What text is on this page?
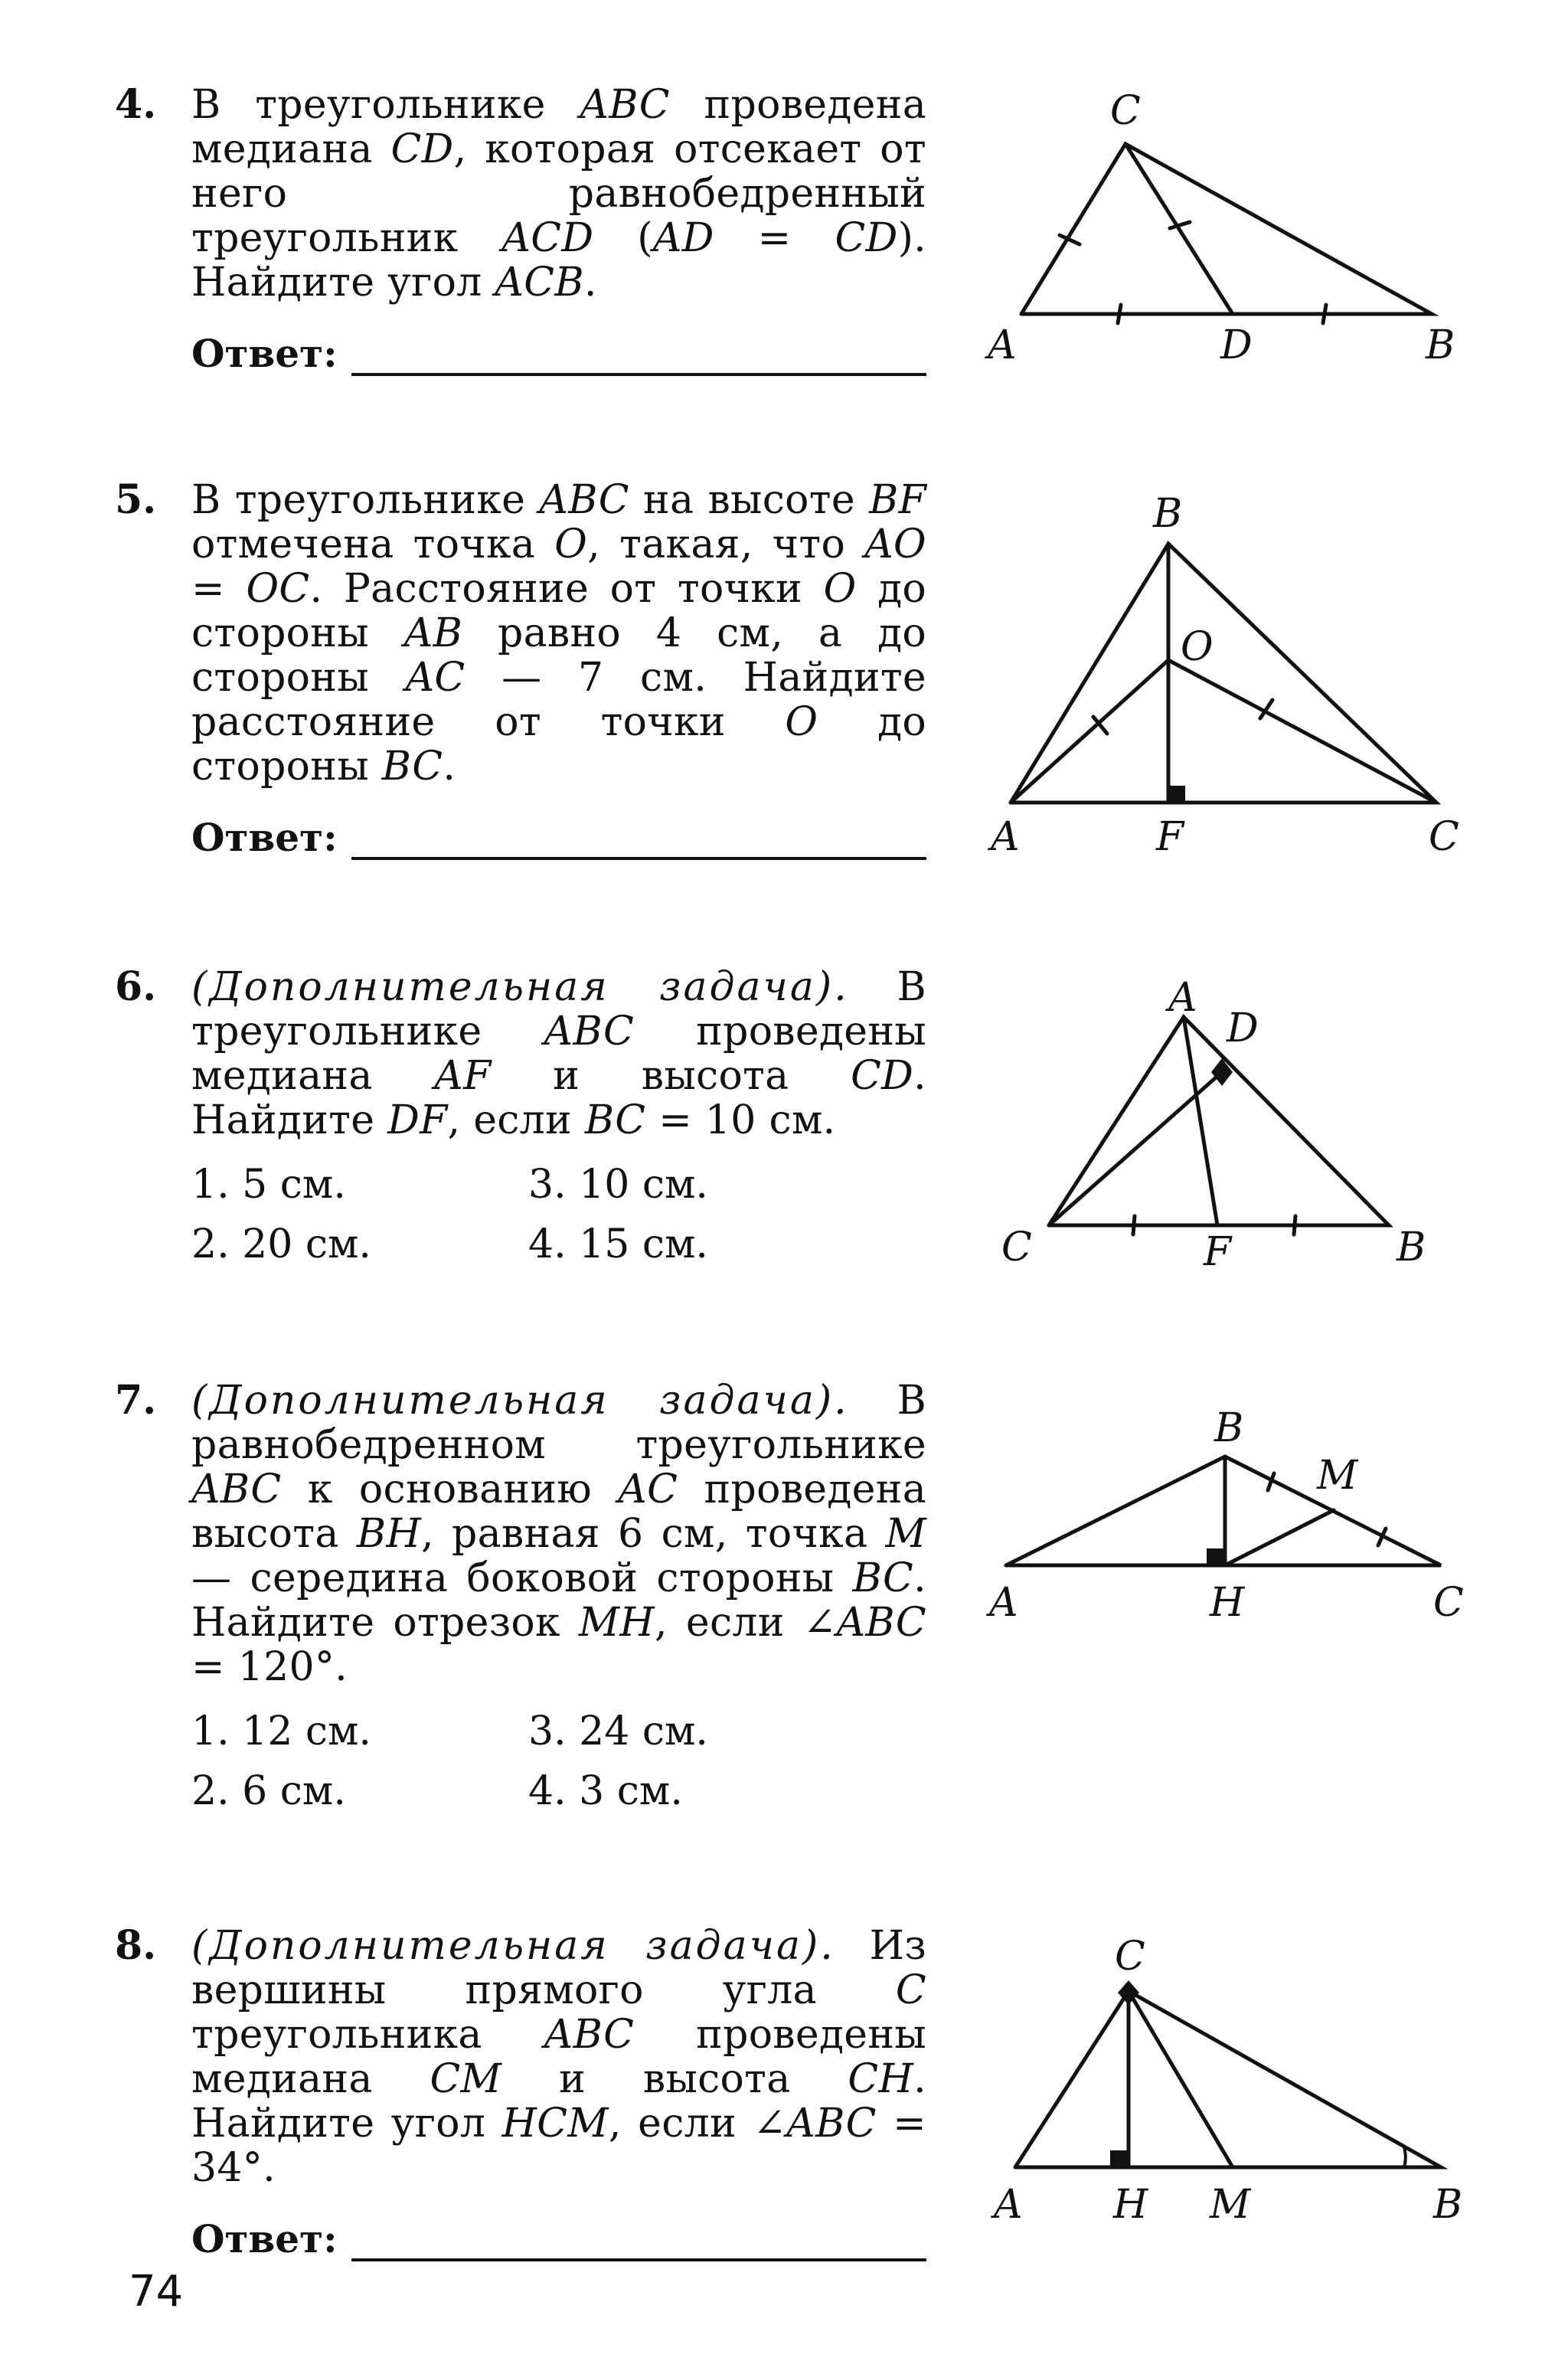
4. В треугольнике ABC проведена медиана CD, которая отсекает от него равнобедренный треугольник ACD (AD = CD). Найдите угол ACB.
Ответ:
C
A	D	B
5. В треугольнике ABC на высоте BF отмечена точка O, такая, что AO = OC. Расстояние от точки O до стороны AB равно 4 см, а до стороны AC — 7 см. Найдите расстояние от точки O до стороны BC.
Ответ:
B
O
A	F	C
6. (Дополнительная задача). В треугольнике ABC проведены медиана AF и высота CD. Найдите DF, если BC = 10 см.
1. 5 см.	3. 10 см.
2. 20 см.	4. 15 см.
A
D
C	F	B
7. (Дополнительная задача). В равнобедренном треугольнике ABC к основанию AC проведена высота BH, равная 6 см, точка M — середина боковой стороны BC. Найдите отрезок MH, если ∠ABC = 120°.
1. 12 см.	3. 24 см.
2. 6 см.	4. 3 см.
B
M
A	H	C
8. (Дополнительная задача). Из вершины прямого угла C треугольника ABC проведены медиана CM и высота CH. Найдите угол HCM, если ∠ABC = 34°.
Ответ:
C
A H M	B
74
